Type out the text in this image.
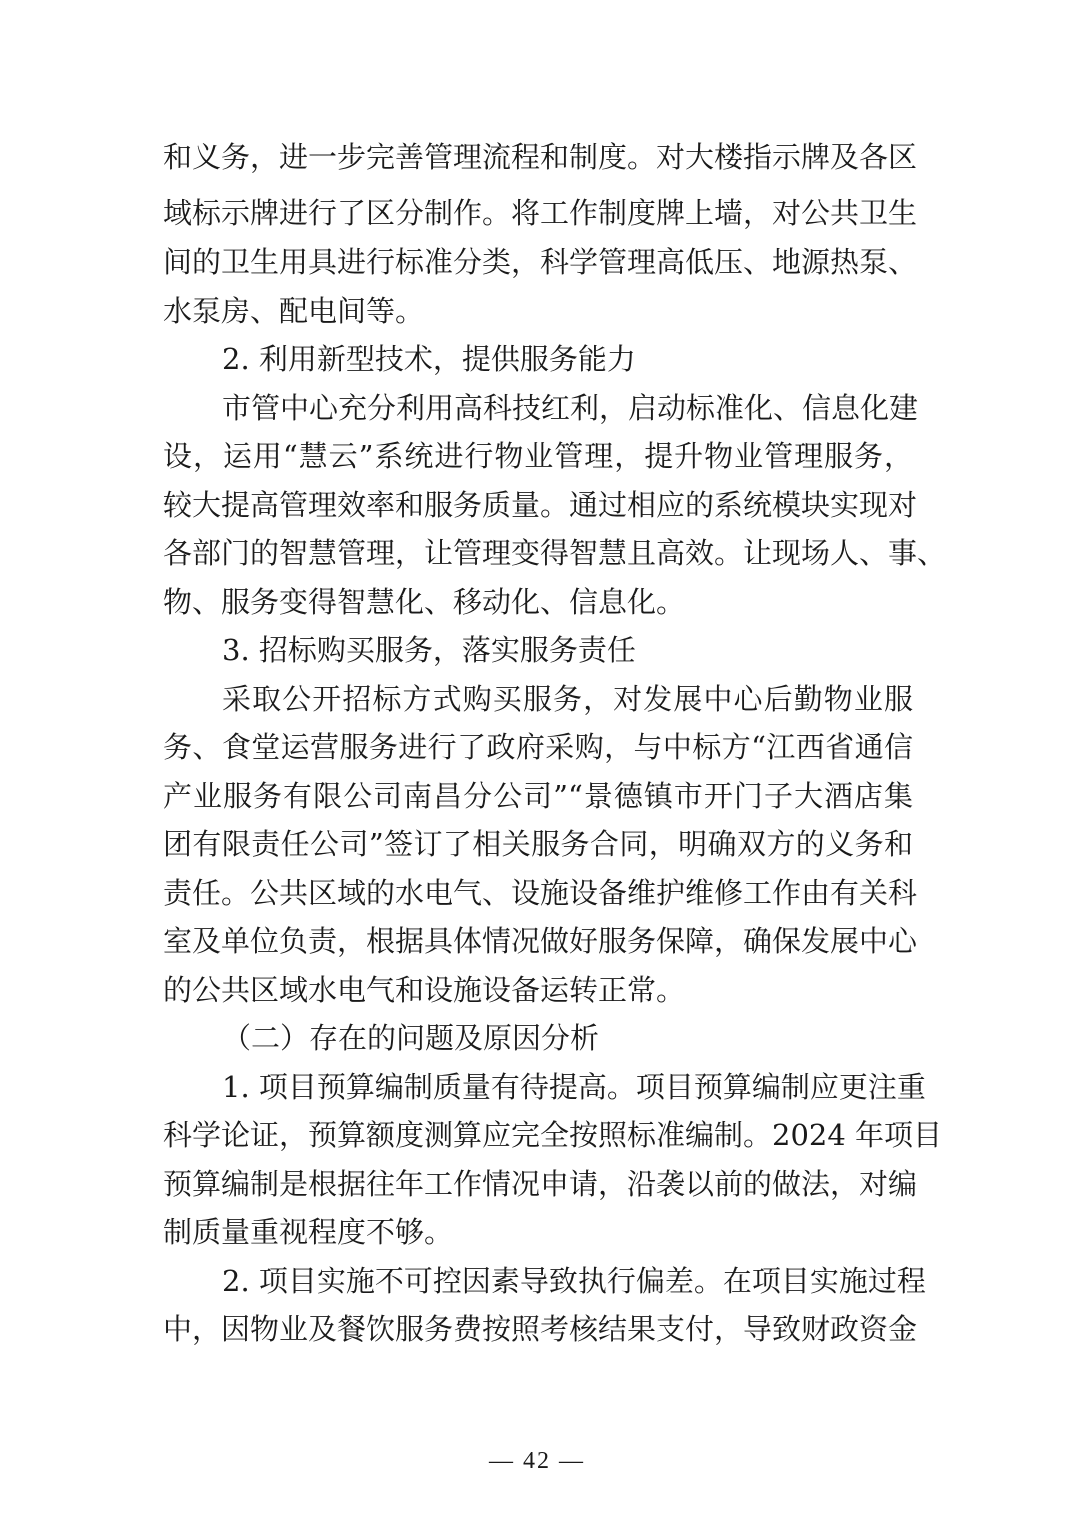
和义务，进一步完善管理流程和制度。对大楼指示牌及各区
域标示牌进行了区分制作。将工作制度牌上墙，对公共卫生
间的卫生用具进行标准分类，科学管理高低压、地源热泵、
水泵房、配电间等。
2. 利用新型技术，提供服务能力
市管中心充分利用高科技红利，启动标准化、信息化建
设，运用“慧云”系统进行物业管理，提升物业管理服务，
较大提高管理效率和服务质量。通过相应的系统模块实现对
各部门的智慧管理，让管理变得智慧且高效。让现场人、事、
物、服务变得智慧化、移动化、信息化。
3. 招标购买服务，落实服务责任
采取公开招标方式购买服务，对发展中心后勤物业服
务、食堂运营服务进行了政府采购，与中标方“江西省通信
产业服务有限公司南昌分公司”“景德镇市开门子大酒店集
团有限责任公司”签订了相关服务合同，明确双方的义务和
责任。公共区域的水电气、设施设备维护维修工作由有关科
室及单位负责，根据具体情况做好服务保障，确保发展中心
的公共区域水电气和设施设备运转正常。
（二）存在的问题及原因分析
1. 项目预算编制质量有待提高。项目预算编制应更注重
科学论证，预算额度测算应完全按照标准编制。2024 年项目
预算编制是根据往年工作情况申请，沿袭以前的做法，对编
制质量重视程度不够。
2. 项目实施不可控因素导致执行偏差。在项目实施过程
中，因物业及餐饮服务费按照考核结果支付，导致财政资金
— 42 —
